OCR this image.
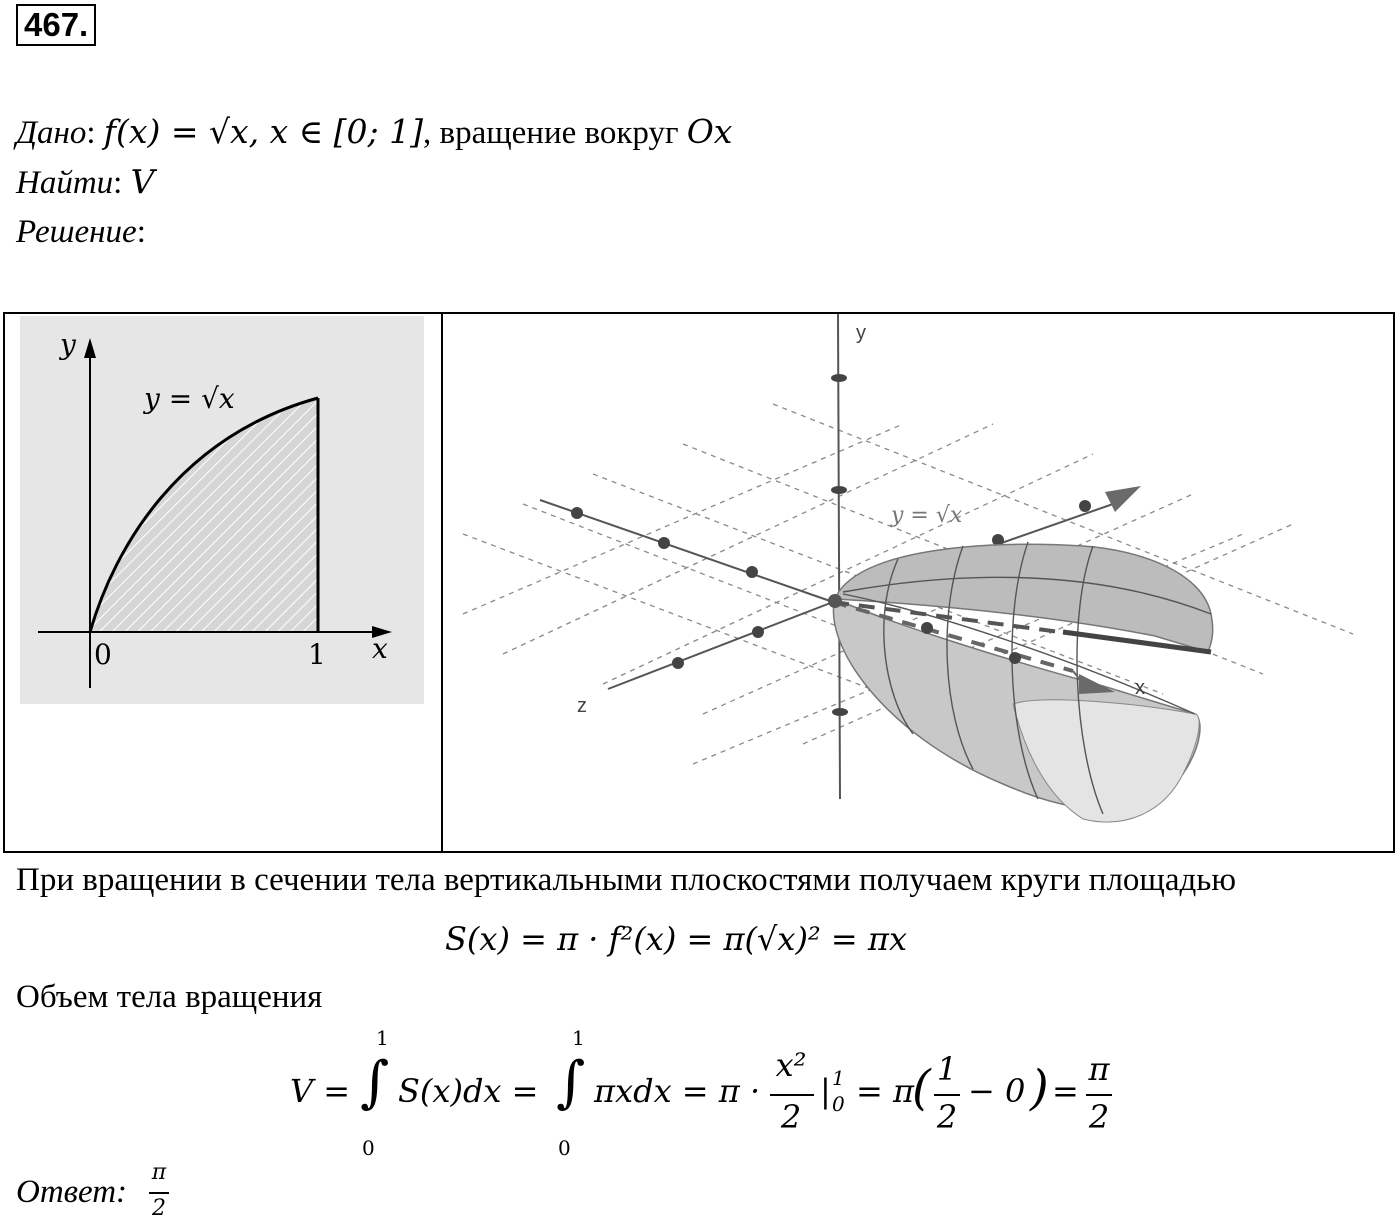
467.
Дано: f(x) = √x, x ∈ [0; 1], вращение вокруг Ox
Найти: V
Решение:
y
x
y = √x
0	1
y
x
z
y = √x
При вращении в сечении тела вертикальными плоскостями получаем круги площадью
S(x) = π · f²(x) = π(√x)² = πx
Объем тела вращения
V = ∫
1
0
S(x)dx = ∫
1
0
πxdx = π ·
x²
2
| 1
0 = π
( 1
2
− 0 ) =
π
2
Ответ:
π
2
